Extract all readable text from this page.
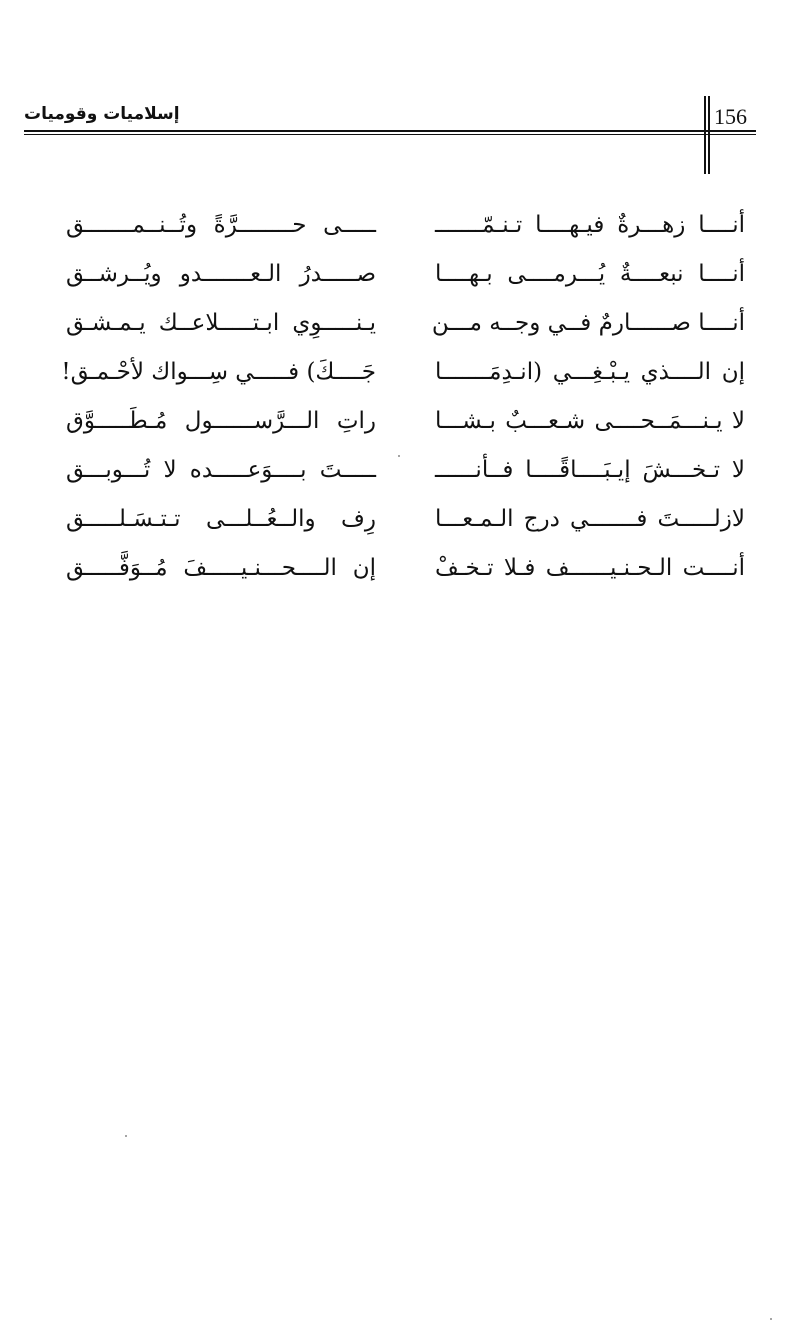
156
إسلاميات وقوميات
أنــــا زهـــرةٌ فيـهــــا تـنـمّـــــــ
ـــــى حــــــــرَّةً وتُــنــمـــــــق
أنــــا نبعــــةٌ يُـــرمــــى بـهــــا
صـــــدرُ الـعـــــــدو ويُــرشــق
أنــــا صــــــارمٌ فــي وجــه مـــن
يـنـــــوِي ابـتـــــلاعــك يـمـشـق
إن الــــذي يـبْـغِـــي (انـدِمَـــــــا
جَــــكَ) فـــــي سِـــواك لأحْـمـق!
لا يـنـــمَــحــــى شـعـــبٌ بـشـــا
راتِ الـــرَّســــــول مُـطَـــــوَّق
لا تـخـــشَ إيـبَــــاقًــــا فــأنــــــ
ـــــتَ بــــوَعـــــده لا تُـــوبـــق
لازلـــــتَ فـــــــي درج الـمـعـــا
رِف والــعُــلـــى تـتـسَـلـــــق
أنــــت الـحـنـيــــــف فـلا تـخـفْ
إن الــــحـــنـيـــــفَ مُــوَفَّـــــق
